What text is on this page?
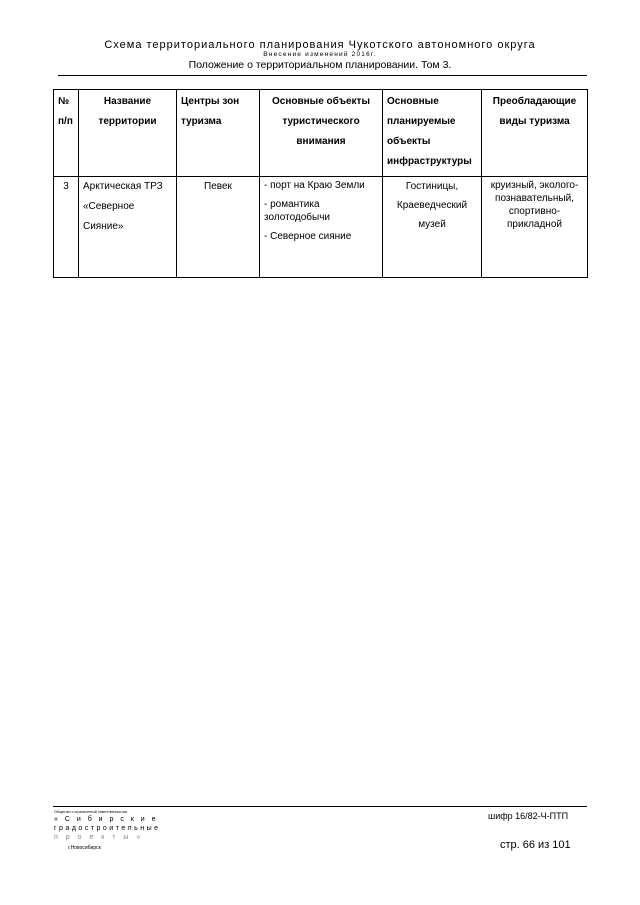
Схема территориального планирования Чукотского автономного округа
Внесение изменений 2016г.
Положение о территориальном планировании. Том 3.
№ п/п	Название территории	Центры зон туризма	Основные объекты туристического внимания	Основные планируемые объекты инфраструктуры	Преобладающие виды туризма
3	Арктическая ТРЗ «Северное Сияние»	Певек	- порт на Краю Земли
- романтика золотодобычи
- Северное сияние	Гостиницы, Краеведческий музей	круизный, эколого-познавательный, спортивно-прикладной
Общество с ограниченной ответственностью
« С и б и р с к и е
градостроительные
п р о е к т ы »
г.Новосибирск
шифр 16/82-Ч-ПТП
стр. 66 из 101
